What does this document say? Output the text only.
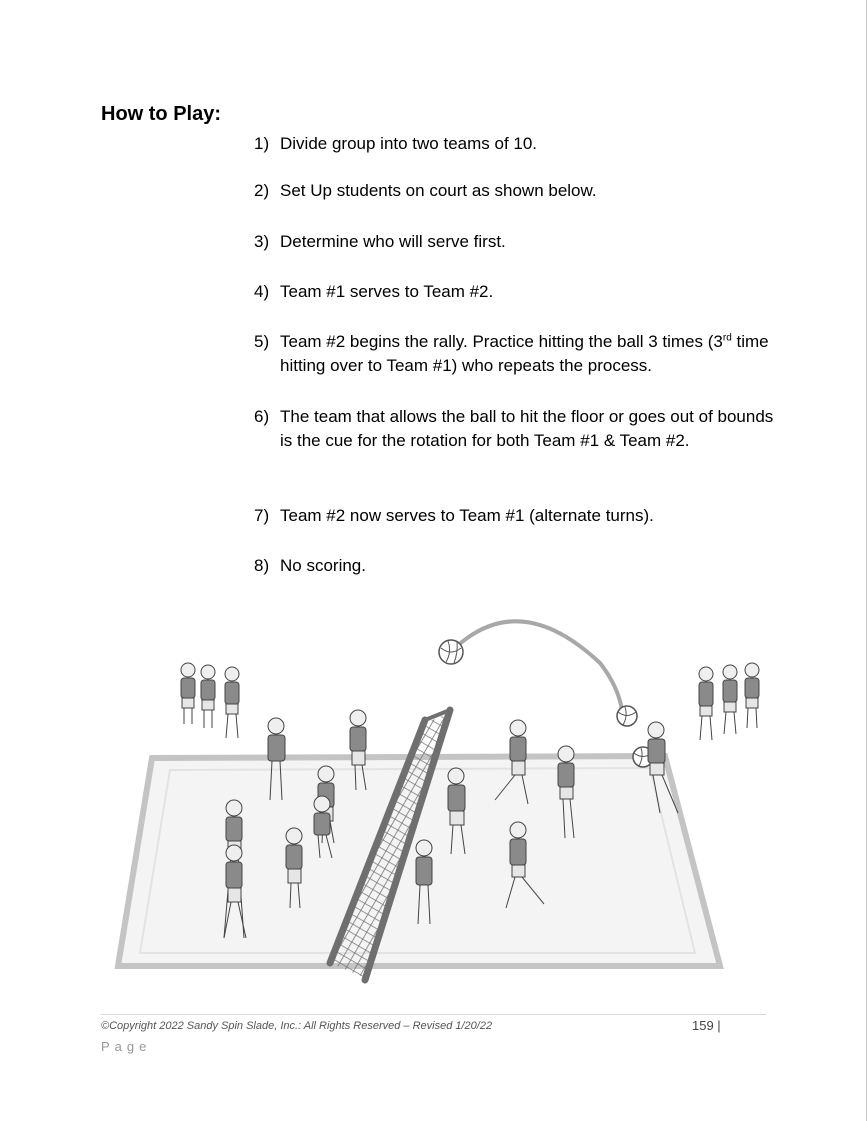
How to Play:
1) Divide group into two teams of 10.
2) Set Up students on court as shown below.
3) Determine who will serve first.
4) Team #1 serves to Team #2.
5) Team #2 begins the rally. Practice hitting the ball 3 times (3rd time hitting over to Team #1) who repeats the process.
6) The team that allows the ball to hit the floor or goes out of bounds is the cue for the rotation for both Team #1 & Team #2.
7) Team #2 now serves to Team #1 (alternate turns).
8) No scoring.
©Copyright 2022 Sandy Spin Slade, Inc.: All Rights Reserved – Revised 1/20/22	159 |
Page
